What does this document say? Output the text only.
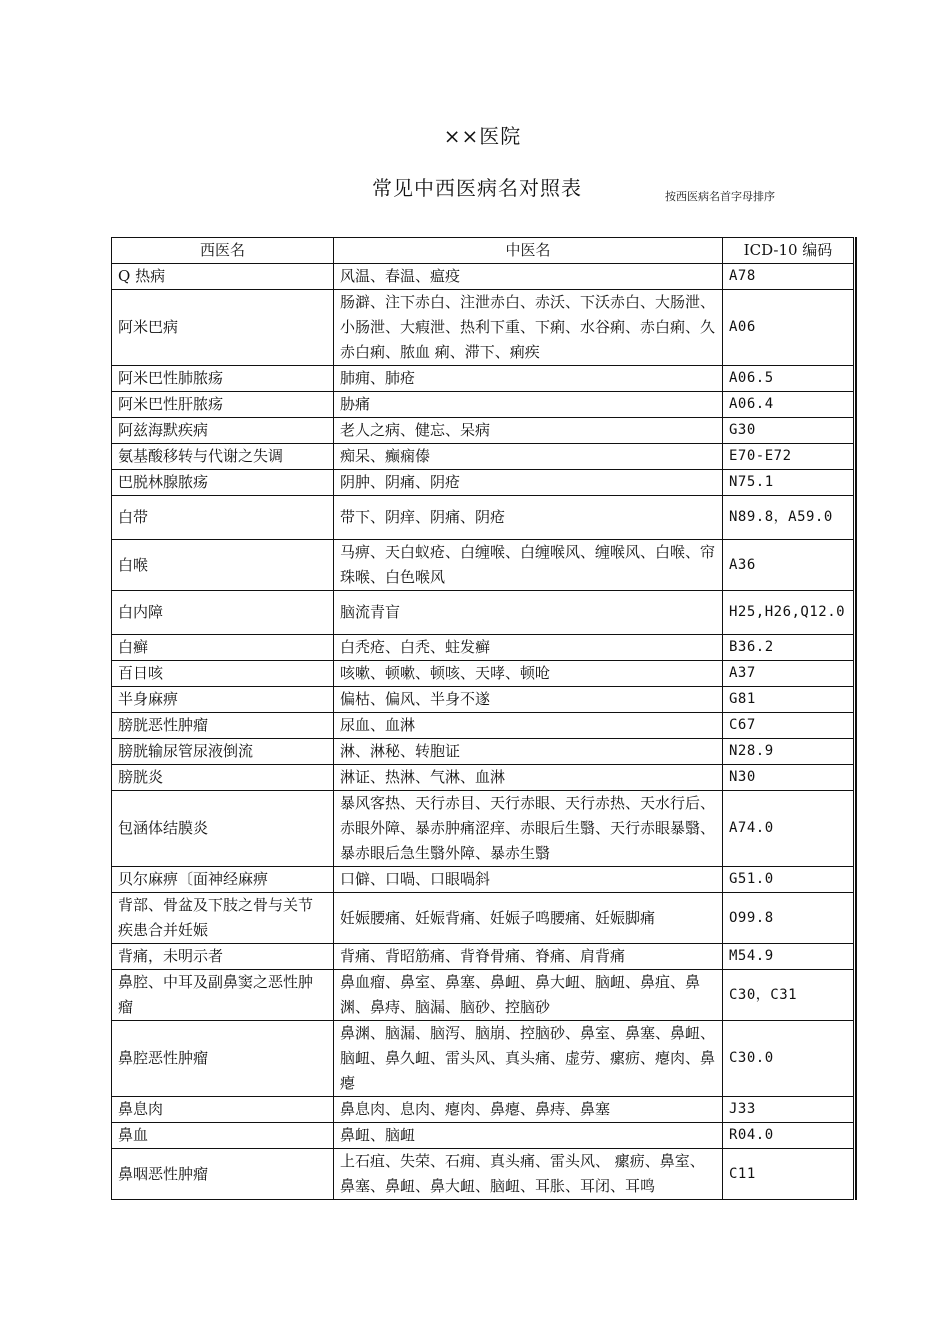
××医院
常见中西医病名对照表	按西医病名首字母排序
西医名	中医名	ICD-10 编码
Q 热病	风温、春温、瘟疫	A78
阿米巴病	肠澼、注下赤白、注泄赤白、赤沃、下沃赤白、大肠泄、小肠泄、大瘕泄、热利下重、下痢、水谷痢、赤白痢、久赤白痢、脓血 痢、滞下、痢疾	A06
阿米巴性肺脓疡	肺痈、肺疮	A06.5
阿米巴性肝脓疡	胁痛	A06.4
阿兹海默疾病	老人之病、健忘、呆病	G30
氨基酸移转与代谢之失调	痴呆、癫痫傣	E70-E72
巴脱林腺脓疡	阴肿、阴痛、阴疮	N75.1
白带	带下、阴痒、阴痛、阴疮	N89.8，A59.0
白喉	马痹、天白蚁疮、白缠喉、白缠喉风、缠喉风、白喉、帘珠喉、白色喉风	A36
白内障	脑流青盲	H25,H26,Q12.0
白癣	白秃疮、白秃、蛀发癣	B36.2
百日咳	咳嗽、顿嗽、顿咳、天哮、顿呛	A37
半身麻痹	偏枯、偏风、半身不遂	G81
膀胱恶性肿瘤	尿血、血淋	C67
膀胱输尿管尿液倒流	淋、淋秘、转胞证	N28.9
膀胱炎	淋证、热淋、气淋、血淋	N30
包涵体结膜炎	暴风客热、天行赤目、天行赤眼、天行赤热、天水行后、赤眼外障、暴赤肿痛涩痒、赤眼后生翳、天行赤眼暴翳、暴赤眼后急生翳外障、暴赤生翳	A74.0
贝尔麻痹〔面神经麻痹	口僻、口喎、口眼喎斜	G51.0
背部、骨盆及下肢之骨与关节疾患合并妊娠	妊娠腰痛、妊娠背痛、妊娠子鸣腰痛、妊娠脚痛	O99.8
背痛，未明示者	背痛、背昭筋痛、背脊骨痛、脊痛、肩背痛	M54.9
鼻腔、中耳及副鼻窦之恶性肿瘤	鼻血瘤、鼻室、鼻塞、鼻衄、鼻大衄、脑衄、鼻疽、鼻渊、鼻痔、脑漏、脑砂、控脑砂	C30，C31
鼻腔恶性肿瘤	鼻渊、脑漏、脑泻、脑崩、控脑砂、鼻室、鼻塞、鼻衄、脑衄、鼻久衄、雷头风、真头痛、虚劳、瘰疬、瘪肉、鼻瘪	C30.0
鼻息肉	鼻息肉、息肉、瘪肉、鼻瘪、鼻痔、鼻塞	J33
鼻血	鼻衄、脑衄	R04.0
鼻咽恶性肿瘤	上石疽、失荣、石痈、真头痛、雷头风、 瘰疬、鼻室、鼻塞、鼻衄、鼻大衄、脑衄、耳胀、耳闭、耳鸣	C11
